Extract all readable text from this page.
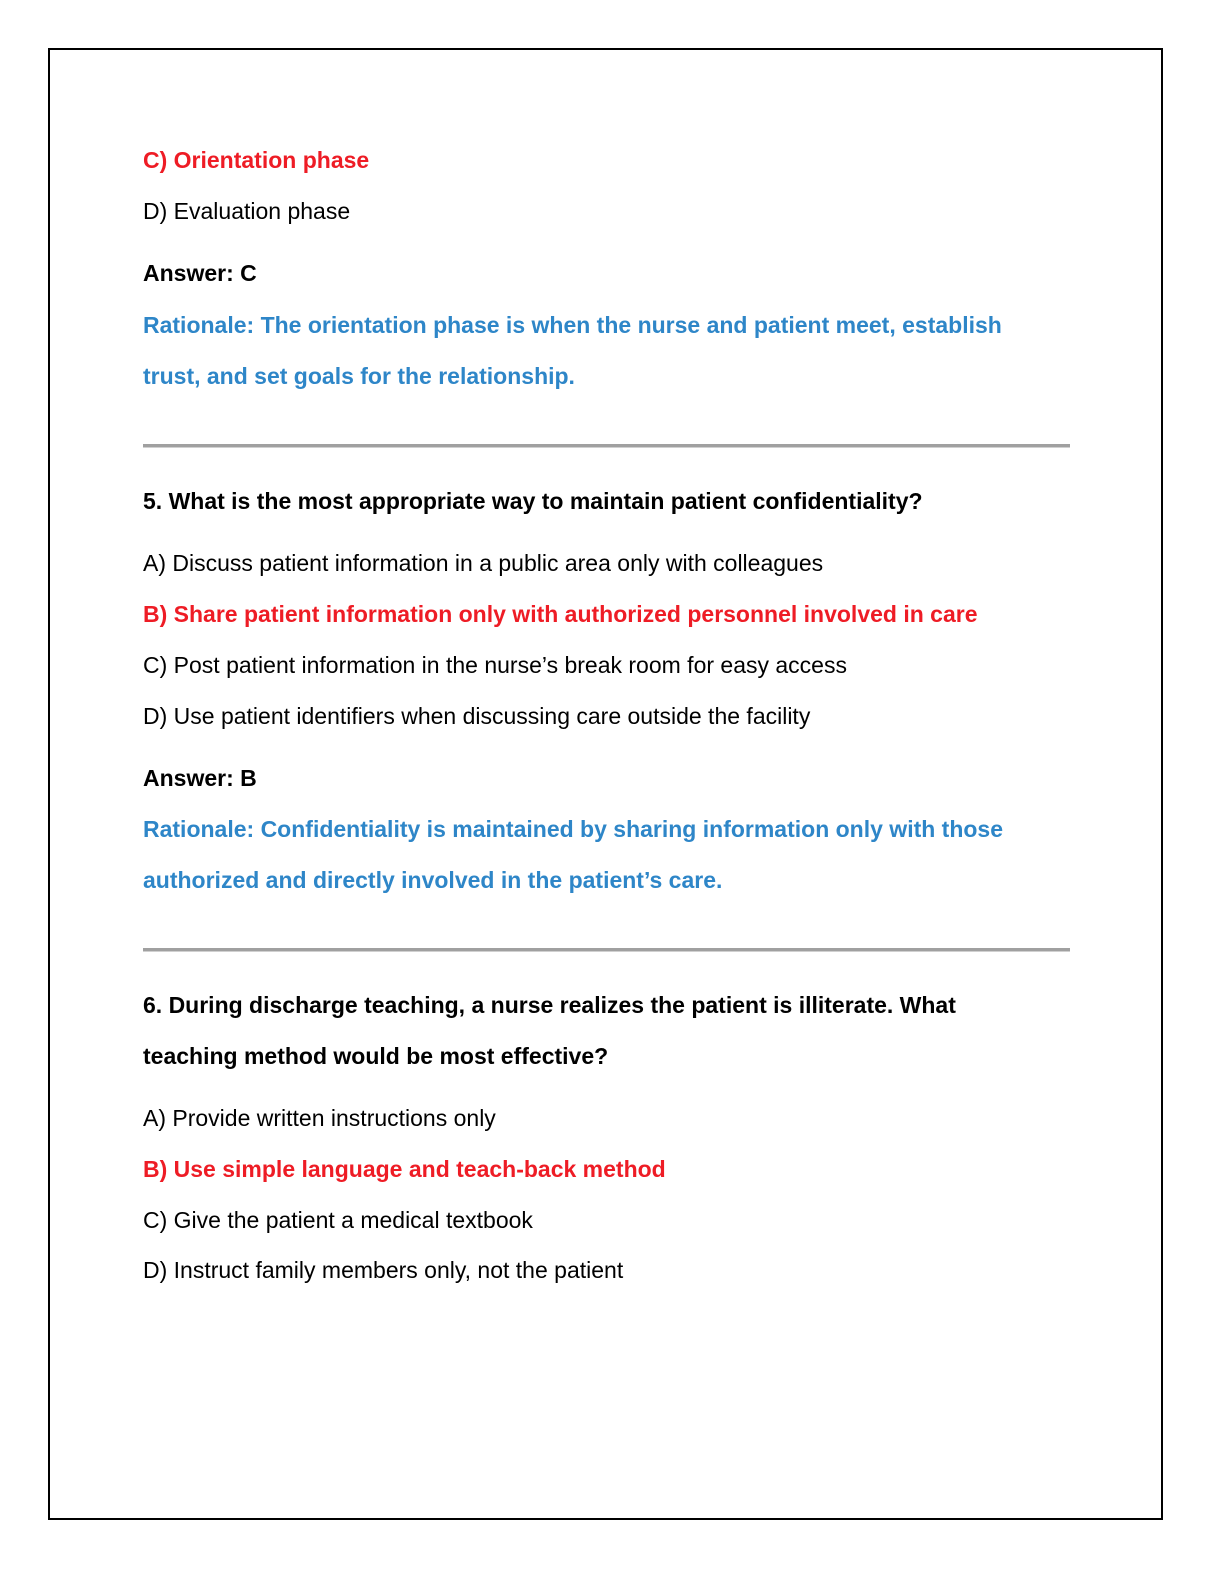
C) Orientation phase
D) Evaluation phase
Answer: C
Rationale: The orientation phase is when the nurse and patient meet, establish
trust, and set goals for the relationship.
5. What is the most appropriate way to maintain patient confidentiality?
A) Discuss patient information in a public area only with colleagues
B) Share patient information only with authorized personnel involved in care
C) Post patient information in the nurse’s break room for easy access
D) Use patient identifiers when discussing care outside the facility
Answer: B
Rationale: Confidentiality is maintained by sharing information only with those
authorized and directly involved in the patient’s care.
6. During discharge teaching, a nurse realizes the patient is illiterate. What
teaching method would be most effective?
A) Provide written instructions only
B) Use simple language and teach-back method
C) Give the patient a medical textbook
D) Instruct family members only, not the patient
